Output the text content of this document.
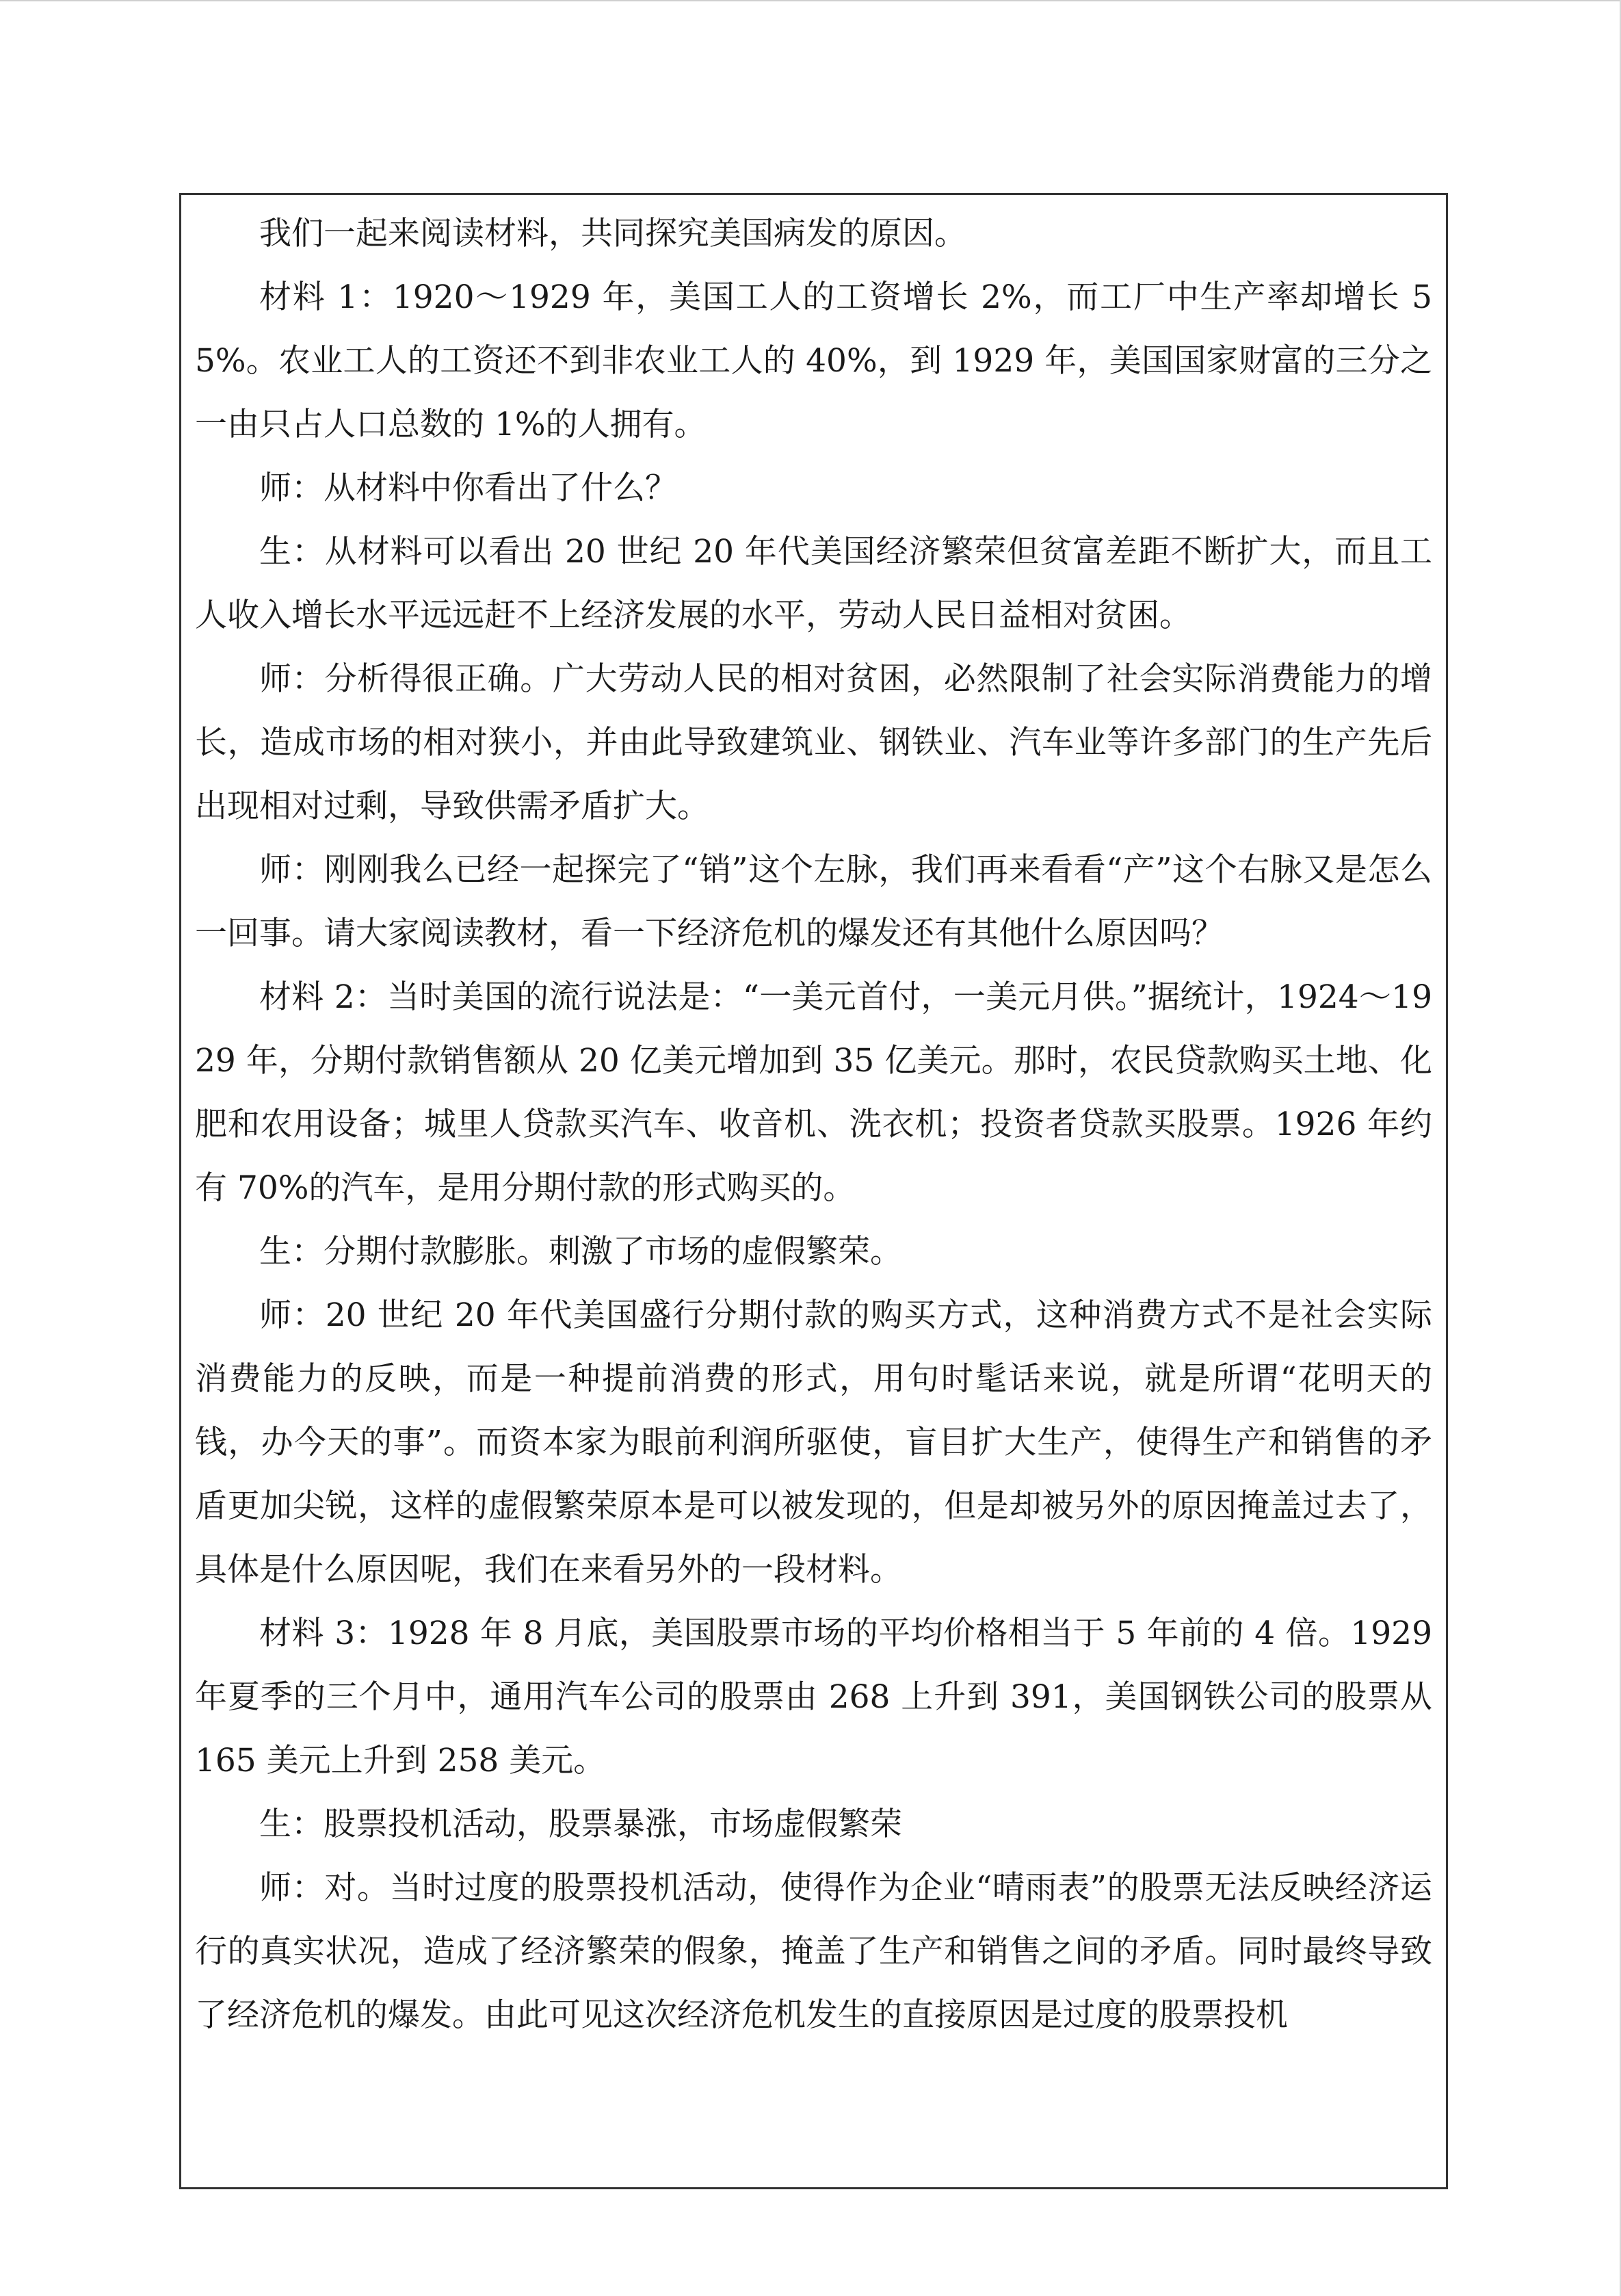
我们一起来阅读材料，共同探究美国病发的原因。

材料 1：1920～1929 年，美国工人的工资增长 2%，而工厂中生产率却增长 55%。农业工人的工资还不到非农业工人的 40%，到 1929 年，美国国家财富的三分之一由只占人口总数的 1%的人拥有。

师：从材料中你看出了什么？

生：从材料可以看出 20 世纪 20 年代美国经济繁荣但贫富差距不断扩大，而且工人收入增长水平远远赶不上经济发展的水平，劳动人民日益相对贫困。

师：分析得很正确。广大劳动人民的相对贫困，必然限制了社会实际消费能力的增长，造成市场的相对狭小，并由此导致建筑业、钢铁业、汽车业等许多部门的生产先后出现相对过剩，导致供需矛盾扩大。

师：刚刚我么已经一起探完了“销”这个左脉，我们再来看看“产”这个右脉又是怎么一回事。请大家阅读教材，看一下经济危机的爆发还有其他什么原因吗？

材料 2：当时美国的流行说法是：“一美元首付，一美元月供。”据统计，1924～1929 年，分期付款销售额从 20 亿美元增加到 35 亿美元。那时，农民贷款购买土地、化肥和农用设备；城里人贷款买汽车、收音机、洗衣机；投资者贷款买股票。1926 年约有 70%的汽车，是用分期付款的形式购买的。

生：分期付款膨胀。刺激了市场的虚假繁荣。

师：20 世纪 20 年代美国盛行分期付款的购买方式，这种消费方式不是社会实际消费能力的反映，而是一种提前消费的形式，用句时髦话来说，就是所谓“花明天的钱，办今天的事”。而资本家为眼前利润所驱使，盲目扩大生产，使得生产和销售的矛盾更加尖锐，这样的虚假繁荣原本是可以被发现的，但是却被另外的原因掩盖过去了，具体是什么原因呢，我们在来看另外的一段材料。

材料 3：1928 年 8 月底，美国股票市场的平均价格相当于 5 年前的 4 倍。1929 年夏季的三个月中，通用汽车公司的股票由 268 上升到 391，美国钢铁公司的股票从 165 美元上升到 258 美元。

生：股票投机活动，股票暴涨，市场虚假繁荣

师：对。当时过度的股票投机活动，使得作为企业“晴雨表”的股票无法反映经济运行的真实状况，造成了经济繁荣的假象，掩盖了生产和销售之间的矛盾。同时最终导致了经济危机的爆发。由此可见这次经济危机发生的直接原因是过度的股票投机
